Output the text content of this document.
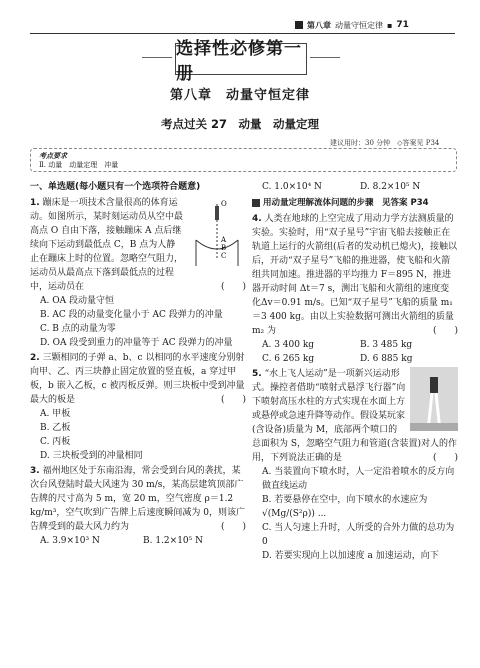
第八章 动量守恒定律 ▪ 71
选择性必修第一册
第八章　动量守恒定律
考点过关 27　动量　动量定理
建议用时：30 分钟　◇答案见 P34
考点要求
Ⅱ. 动量　动量定理　冲量
一、单选题(每小题只有一个选项符合题意)
O
A
B
C
1. 蹦床是一项技术含量很高的体育运动。如图所示，某时刻运动员从空中最高点 O 自由下落，接触蹦床 A 点后继续向下运动到最低点 C，B 点为人静止在蹦床上时的位置。忽略空气阻力，运动员从最高点下落到最低点的过程中，运动员在	(　　)
A. OA 段动量守恒
B. AC 段的动量变化量小于 AC 段弹力的冲量
C. B 点的动量为零
D. OA 段受到重力的冲量等于 AC 段弹力的冲量
2. 三颗相同的子弹 a、b、c 以相同的水平速度分别射向甲、乙、丙三块静止固定放置的竖直板，a 穿过甲板，b 嵌入乙板，c 被丙板反弹。则三块板中受到冲量最大的板是	(　　)
A. 甲板
B. 乙板
C. 丙板
D. 三块板受到的冲量相同
3. 福州地区处于东南沿海，常会受到台风的袭扰，某次台风登陆时最大风速为 30 m/s，某高层建筑顶部广告牌的尺寸高为 5 m，宽 20 m，空气密度 ρ＝1.2 kg/m³，空气吹到广告牌上后速度瞬间减为 0，则该广告牌受到的最大风力约为	(　　)
A. 3.9×10³ N	B. 1.2×10⁵ N
C. 1.0×10⁴ N	D. 8.2×10⁵ N
用动量定理解流体问题的步骤　见答案 P34
4. 人类在地球的上空完成了用动力学方法测质量的实验。实验时，用“双子星号”宇宙飞船去接触正在轨道上运行的火箭组(后者的发动机已熄火)，接触以后，开动“双子星号”飞船的推进器，使飞船和火箭组共同加速。推进器的平均推力 F＝895 N，推进器开动时间 Δt＝7 s，测出飞船和火箭组的速度变化Δv＝0.91 m/s。已知“双子星号”飞船的质量 m₁＝3 400 kg。由以上实验数据可测出火箭组的质量 m₂ 为	(　　)
A. 3 400 kg	B. 3 485 kg
C. 6 265 kg	D. 6 885 kg
5. “水上飞人运动”是一项新兴运动形式。操控者借助“喷射式悬浮飞行器”向下喷射高压水柱的方式实现在水面上方或悬停或急速升降等动作。假设某玩家(含设备)质量为 M，底部两个喷口的总面积为 S，忽略空气阻力和管道(含装置)对人的作用，下列说法正确的是	(　　)
A. 当装置向下喷水时，人一定沿着喷水的反方向做直线运动
B. 若要悬停在空中，向下喷水的水速应为 √(Mg/(S²ρ)) ...
C. 当人匀速上升时，人所受的合外力做的总功为 0
D. 若要实现向上以加速度 a 加速运动，向下
